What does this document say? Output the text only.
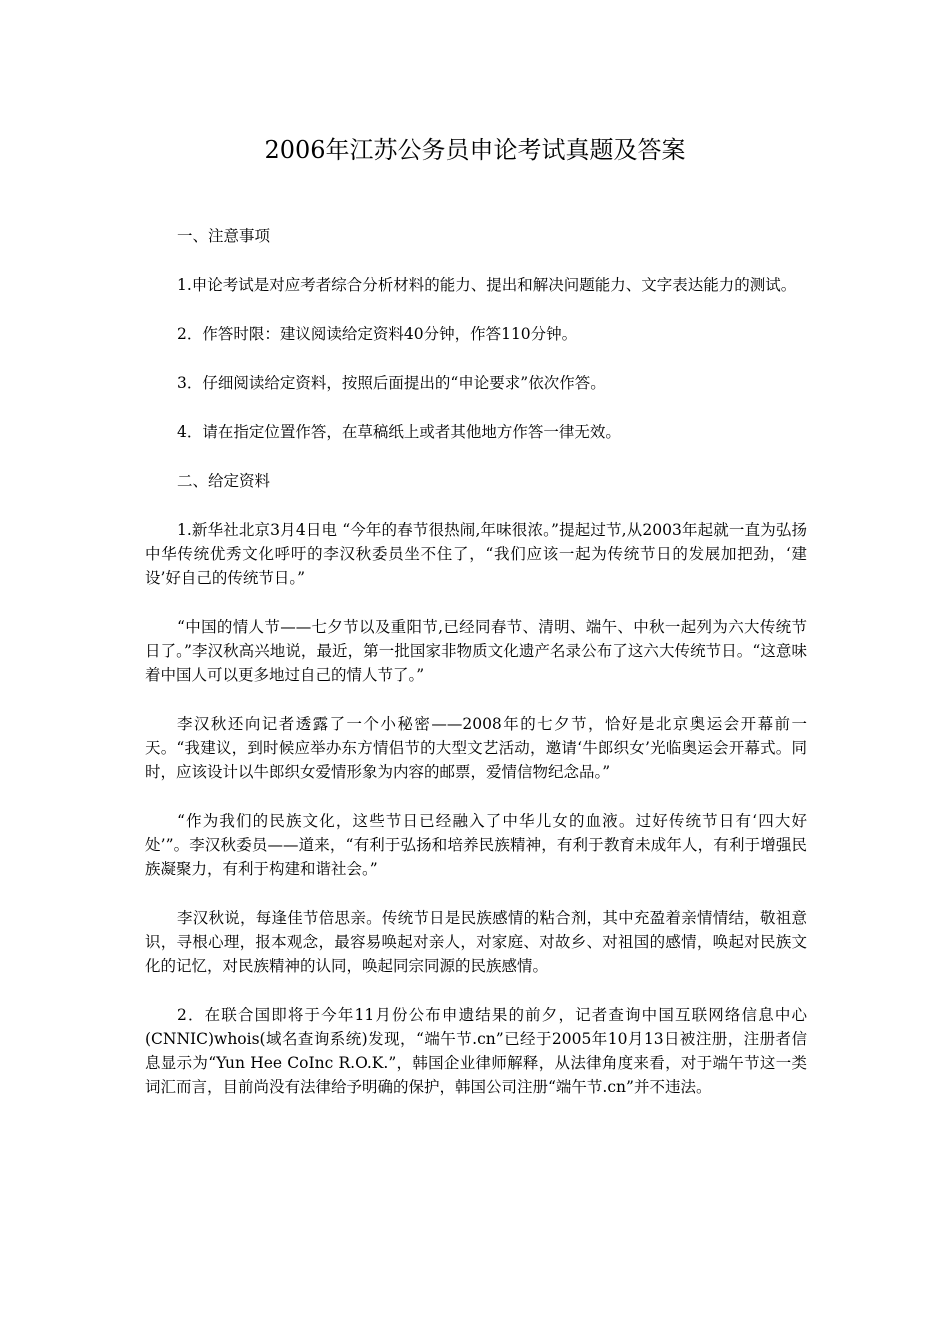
2006年江苏公务员申论考试真题及答案

一、注意事项

1.申论考试是对应考者综合分析材料的能力、提出和解决问题能力、文字表达能力的测试。

2．作答时限：建议阅读给定资料40分钟，作答110分钟。

3．仔细阅读给定资料，按照后面提出的“申论要求”依次作答。

4．请在指定位置作答，在草稿纸上或者其他地方作答一律无效。

二、给定资料

1.新华社北京3月4日电 “今年的春节很热闹,年味很浓。”提起过节,从2003年起就一直为弘扬中华传统优秀文化呼吁的李汉秋委员坐不住了，“我们应该一起为传统节日的发展加把劲，‘建设’好自己的传统节日。”

“中国的情人节——七夕节以及重阳节,已经同春节、清明、端午、中秋一起列为六大传统节日了。”李汉秋高兴地说，最近，第一批国家非物质文化遗产名录公布了这六大传统节日。“这意味着中国人可以更多地过自己的情人节了。”

李汉秋还向记者透露了一个小秘密——2008年的七夕节，恰好是北京奥运会开幕前一天。“我建议，到时候应举办东方情侣节的大型文艺活动，邀请‘牛郎织女’光临奥运会开幕式。同时，应该设计以牛郎织女爱情形象为内容的邮票，爱情信物纪念品。”

“作为我们的民族文化，这些节日已经融入了中华儿女的血液。过好传统节日有‘四大好处’”。李汉秋委员——道来，“有利于弘扬和培养民族精神，有利于教育未成年人，有利于增强民族凝聚力，有利于构建和谐社会。”

李汉秋说，每逢佳节倍思亲。传统节日是民族感情的粘合剂，其中充盈着亲情情结，敬祖意识，寻根心理，报本观念，最容易唤起对亲人，对家庭、对故乡、对祖国的感情，唤起对民族文化的记忆，对民族精神的认同，唤起同宗同源的民族感情。

2．在联合国即将于今年11月份公布申遗结果的前夕，记者查询中国互联网络信息中心(CNNIC)whois(域名查询系统)发现，“端午节.cn”已经于2005年10月13日被注册，注册者信息显示为“Yun Hee CoInc R.O.K.”，韩国企业律师解释，从法律角度来看，对于端午节这一类词汇而言，目前尚没有法律给予明确的保护，韩国公司注册“端午节.cn”并不违法。
